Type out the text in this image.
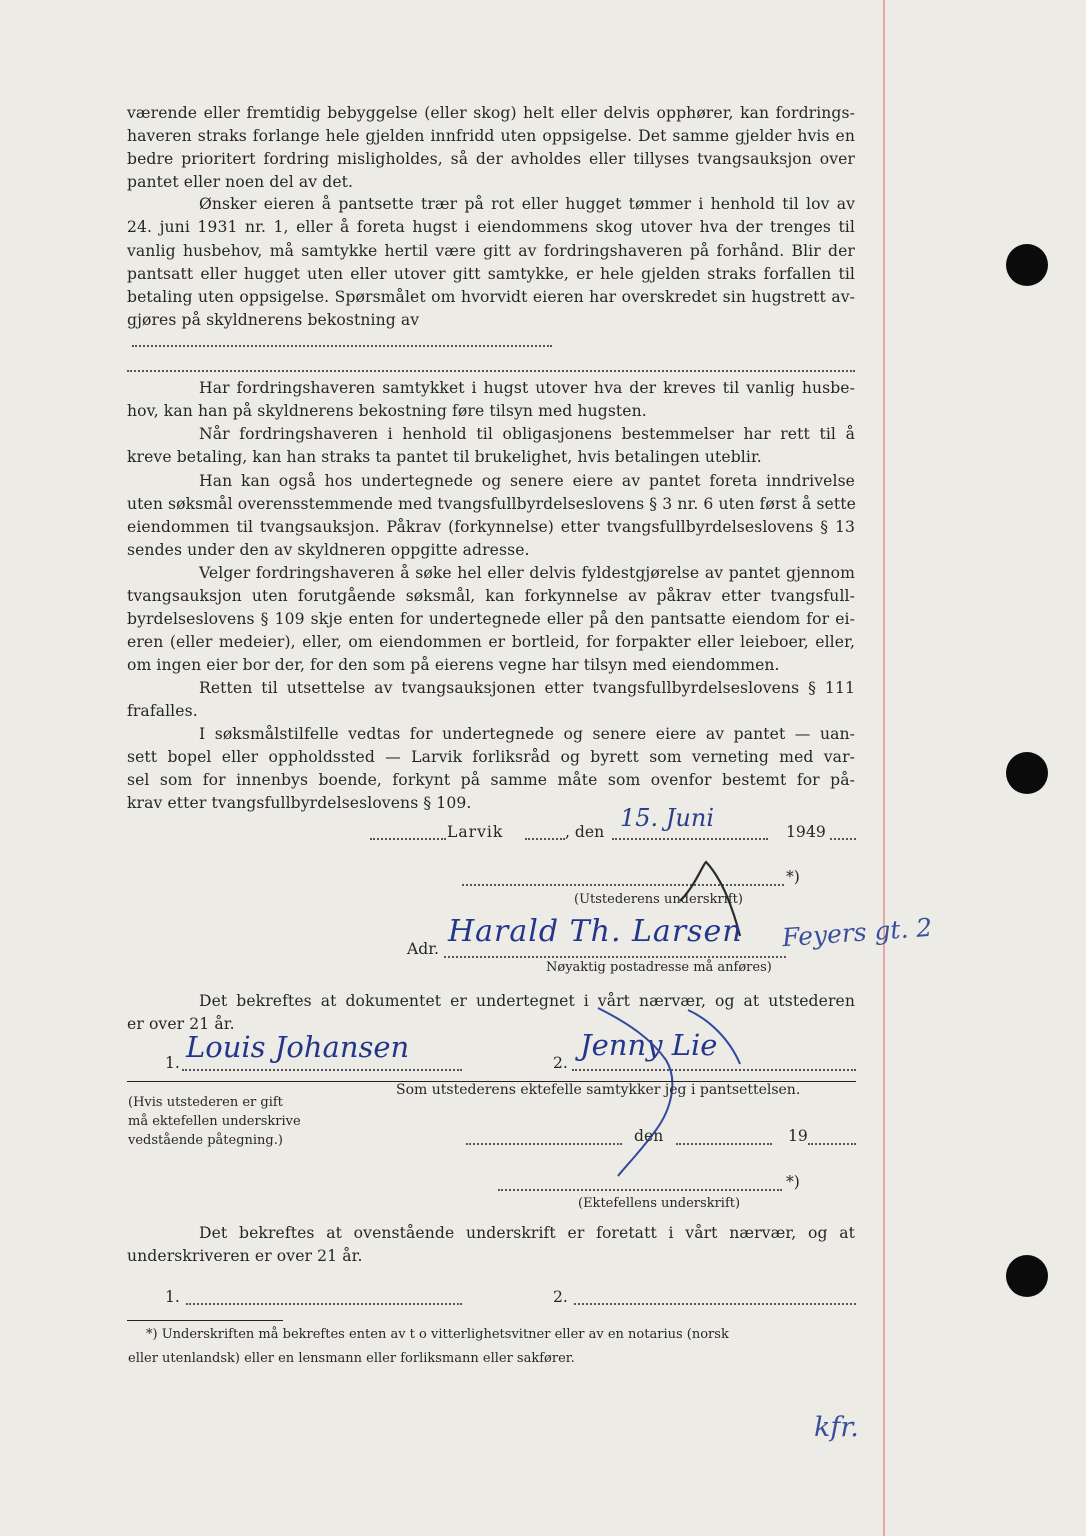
værende eller fremtidig bebyggelse (eller skog) helt eller delvis opphører, kan fordrings-

haveren straks forlange hele gjelden innfridd uten oppsigelse. Det samme gjelder hvis en

bedre prioritert fordring misligholdes, så der avholdes eller tillyses tvangsauksjon over

pantet eller noen del av det.

Ønsker eieren å pantsette trær på rot eller hugget tømmer i henhold til lov av

24. juni 1931 nr. 1, eller å foreta hugst i eiendommens skog utover hva der trenges til

vanlig husbehov, må samtykke hertil være gitt av fordringshaveren på forhånd. Blir der

pantsatt eller hugget uten eller utover gitt samtykke, er hele gjelden straks forfallen til

betaling uten oppsigelse. Spørsmålet om hvorvidt eieren har overskredet sin hugstrett av-

gjøres på skyldnerens bekostning av

Har fordringshaveren samtykket i hugst utover hva der kreves til vanlig husbe-

hov, kan han på skyldnerens bekostning føre tilsyn med hugsten.

Når fordringshaveren i henhold til obligasjonens bestemmelser har rett til å

kreve betaling, kan han straks ta pantet til brukelighet, hvis betalingen uteblir.

Han kan også hos undertegnede og senere eiere av pantet foreta inndrivelse

uten søksmål overensstemmende med tvangsfullbyrdelseslovens § 3 nr. 6 uten først å sette

eiendommen til tvangsauksjon. Påkrav (forkynnelse) etter tvangsfullbyrdelseslovens § 13

sendes under den av skyldneren oppgitte adresse.

Velger fordringshaveren å søke hel eller delvis fyldestgjørelse av pantet gjennom

tvangsauksjon uten forutgående søksmål, kan forkynnelse av påkrav etter tvangsfull-

byrdelseslovens § 109 skje enten for undertegnede eller på den pantsatte eiendom for ei-

eren (eller medeier), eller, om eiendommen er bortleid, for forpakter eller leieboer, eller,

om ingen eier bor der, for den som på eierens vegne har tilsyn med eiendommen.

Retten til utsettelse av tvangsauksjonen etter tvangsfullbyrdelseslovens § 111

frafalles.

I søksmålstilfelle vedtas for undertegnede og senere eiere av pantet — uan-

sett bopel eller oppholdssted — Larvik forliksråd og byrett som verneting med var-

sel som for innenbys boende, forkynt på samme måte som ovenfor bestemt for på-

krav etter tvangsfullbyrdelseslovens § 109.

Larvik	, den 15. Juni	19 49
*)
(Utstederens underskrift)
Adr. Harald Th. Larsen Feyers gt. 2
Nøyaktig postadresse må anføres)

Det bekreftes at dokumentet er undertegnet i vårt nærvær, og at utstederen

er over 21 år.

1. Louis Johansen	2.
Jenny Lie
Som utstederens ektefelle samtykker jeg i pantsettelsen.
(Hvis utstederen er gift
må ektefellen underskrive
vedstående påtegning.)	den	19
*)
(Ektefellens underskrift)

Det bekreftes at ovenstående underskrift er foretatt i vårt nærvær, og at

underskriveren er over 21 år.

1.	2.
*) Underskriften må bekreftes enten av t o vitterlighetsvitner eller av en notarius (norsk
eller utenlandsk) eller en lensmann eller forliksmann eller sakfører.
kfr.
